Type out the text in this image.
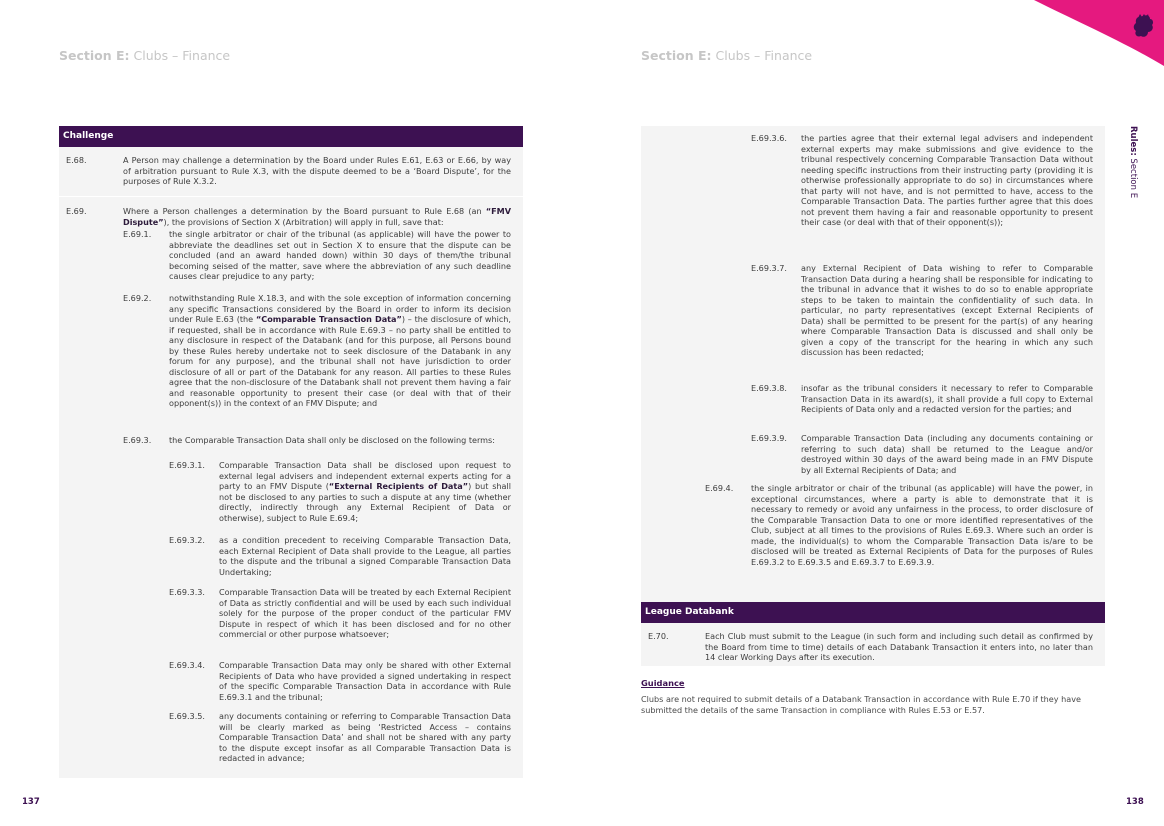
Section E: Clubs – Finance	Section E: Clubs – Finance
Rules: Section E
137	138
Challenge
E.68.	A Person may challenge a determination by the Board under Rules E.61, E.63 or E.66, by way of arbitration pursuant to Rule X.3, with the dispute deemed to be a ‘Board Dispute’, for the purposes of Rule X.3.2.
E.69.	Where a Person challenges a determination by the Board pursuant to Rule E.68 (an “FMV Dispute”), the provisions of Section X (Arbitration) will apply in full, save that:
E.69.1. the single arbitrator or chair of the tribunal (as applicable) will have the power to abbreviate the deadlines set out in Section X to ensure that the dispute can be concluded (and an award handed down) within 30 days of them/the tribunal becoming seised of the matter, save where the abbreviation of any such deadline causes clear prejudice to any party;
E.69.2. notwithstanding Rule X.18.3, and with the sole exception of information concerning any specific Transactions considered by the Board in order to inform its decision under Rule E.63 (the “Comparable Transaction Data”) – the disclosure of which, if requested, shall be in accordance with Rule E.69.3 – no party shall be entitled to any disclosure in respect of the Databank (and for this purpose, all Persons bound by these Rules hereby undertake not to seek disclosure of the Databank in any forum for any purpose), and the tribunal shall not have jurisdiction to order disclosure of all or part of the Databank for any reason. All parties to these Rules agree that the non-disclosure of the Databank shall not prevent them having a fair and reasonable opportunity to present their case (or deal with that of their opponent(s)) in the context of an FMV Dispute; and
E.69.3. the Comparable Transaction Data shall only be disclosed on the following terms:
E.69.3.1. Comparable Transaction Data shall be disclosed upon request to external legal advisers and independent external experts acting for a party to an FMV Dispute (“External Recipients of Data”) but shall not be disclosed to any parties to such a dispute at any time (whether directly, indirectly through any External Recipient of Data or otherwise), subject to Rule E.69.4;
E.69.3.2. as a condition precedent to receiving Comparable Transaction Data, each External Recipient of Data shall provide to the League, all parties to the dispute and the tribunal a signed Comparable Transaction Data Undertaking;
E.69.3.3. Comparable Transaction Data will be treated by each External Recipient of Data as strictly confidential and will be used by each such individual solely for the purpose of the proper conduct of the particular FMV Dispute in respect of which it has been disclosed and for no other commercial or other purpose whatsoever;
E.69.3.4. Comparable Transaction Data may only be shared with other External Recipients of Data who have provided a signed undertaking in respect of the specific Comparable Transaction Data in accordance with Rule E.69.3.1 and the tribunal;
E.69.3.5. any documents containing or referring to Comparable Transaction Data will be clearly marked as being ‘Restricted Access – contains Comparable Transaction Data’ and shall not be shared with any party to the dispute except insofar as all Comparable Transaction Data is redacted in advance;
E.69.3.6. the parties agree that their external legal advisers and independent external experts may make submissions and give evidence to the tribunal respectively concerning Comparable Transaction Data without needing specific instructions from their instructing party (providing it is otherwise professionally appropriate to do so) in circumstances where that party will not have, and is not permitted to have, access to the Comparable Transaction Data. The parties further agree that this does not prevent them having a fair and reasonable opportunity to present their case (or deal with that of their opponent(s));
E.69.3.7. any External Recipient of Data wishing to refer to Comparable Transaction Data during a hearing shall be responsible for indicating to the tribunal in advance that it wishes to do so to enable appropriate steps to be taken to maintain the confidentiality of such data. In particular, no party representatives (except External Recipients of Data) shall be permitted to be present for the part(s) of any hearing where Comparable Transaction Data is discussed and shall only be given a copy of the transcript for the hearing in which any such discussion has been redacted;
E.69.3.8. insofar as the tribunal considers it necessary to refer to Comparable Transaction Data in its award(s), it shall provide a full copy to External Recipients of Data only and a redacted version for the parties; and
E.69.3.9. Comparable Transaction Data (including any documents containing or referring to such data) shall be returned to the League and/or destroyed within 30 days of the award being made in an FMV Dispute by all External Recipients of Data; and
E.69.4. the single arbitrator or chair of the tribunal (as applicable) will have the power, in exceptional circumstances, where a party is able to demonstrate that it is necessary to remedy or avoid any unfairness in the process, to order disclosure of the Comparable Transaction Data to one or more identified representatives of the Club, subject at all times to the provisions of Rules E.69.3. Where such an order is made, the individual(s) to whom the Comparable Transaction Data is/are to be disclosed will be treated as External Recipients of Data for the purposes of Rules E.69.3.2 to E.69.3.5 and E.69.3.7 to E.69.3.9.
League Databank
E.70.	Each Club must submit to the League (in such form and including such detail as confirmed by the Board from time to time) details of each Databank Transaction it enters into, no later than 14 clear Working Days after its execution.
Guidance
Clubs are not required to submit details of a Databank Transaction in accordance with Rule E.70 if they have submitted the details of the same Transaction in compliance with Rules E.53 or E.57.
